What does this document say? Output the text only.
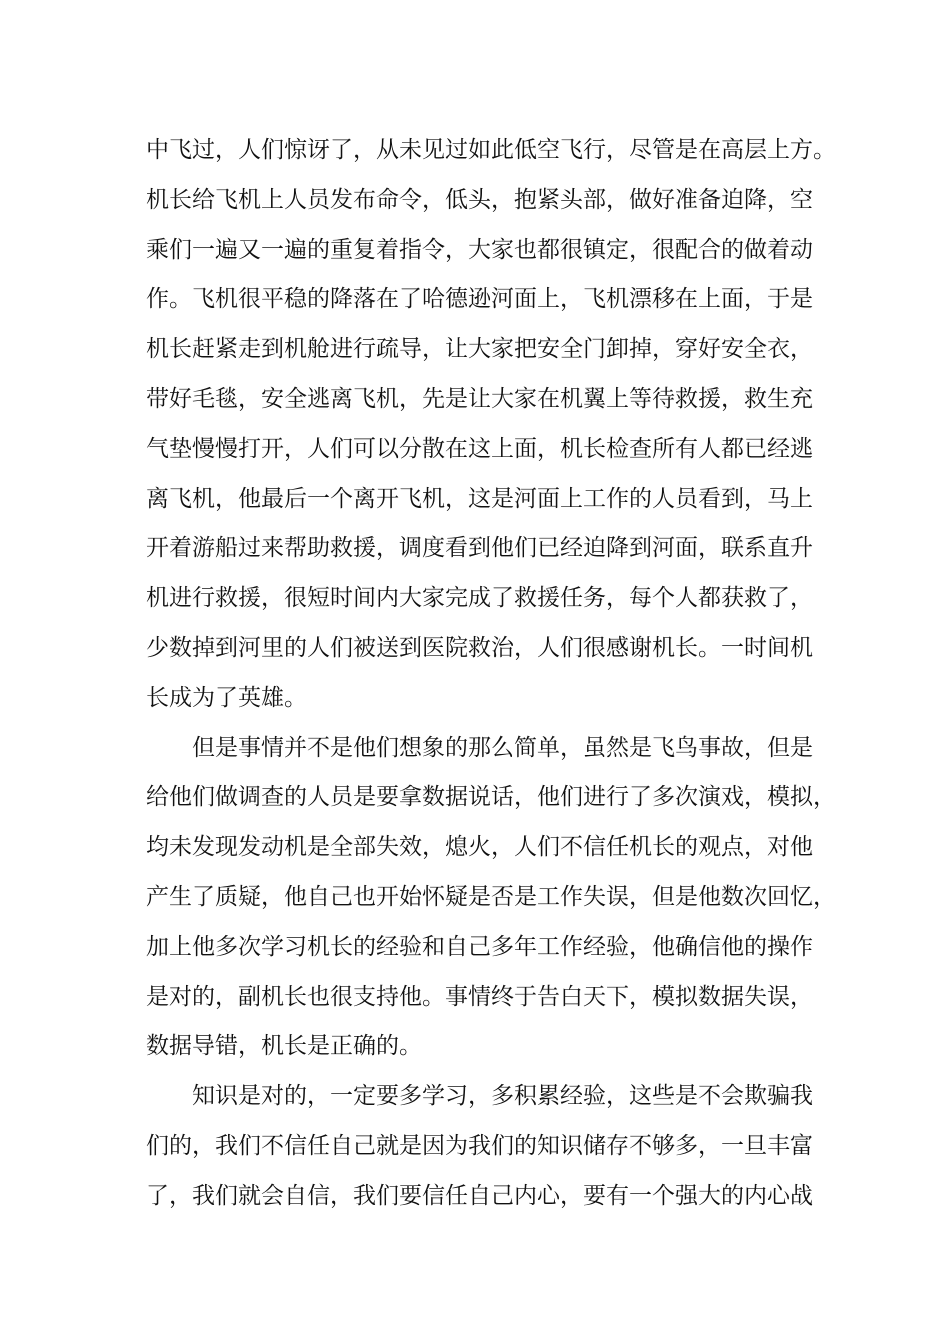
中飞过，人们惊讶了，从未见过如此低空飞行，尽管是在高层上方。
机长给飞机上人员发布命令，低头，抱紧头部，做好准备迫降，空
乘们一遍又一遍的重复着指令，大家也都很镇定，很配合的做着动
作。飞机很平稳的降落在了哈德逊河面上，飞机漂移在上面，于是
机长赶紧走到机舱进行疏导，让大家把安全门卸掉，穿好安全衣，
带好毛毯，安全逃离飞机，先是让大家在机翼上等待救援，救生充
气垫慢慢打开，人们可以分散在这上面，机长检查所有人都已经逃
离飞机，他最后一个离开飞机，这是河面上工作的人员看到，马上
开着游船过来帮助救援，调度看到他们已经迫降到河面，联系直升
机进行救援，很短时间内大家完成了救援任务，每个人都获救了，
少数掉到河里的人们被送到医院救治，人们很感谢机长。一时间机
长成为了英雄。
但是事情并不是他们想象的那么简单，虽然是飞鸟事故，但是
给他们做调查的人员是要拿数据说话，他们进行了多次演戏，模拟，
均未发现发动机是全部失效，熄火，人们不信任机长的观点，对他
产生了质疑，他自己也开始怀疑是否是工作失误，但是他数次回忆，
加上他多次学习机长的经验和自己多年工作经验，他确信他的操作
是对的，副机长也很支持他。事情终于告白天下，模拟数据失误，
数据导错，机长是正确的。
知识是对的，一定要多学习，多积累经验，这些是不会欺骗我
们的，我们不信任自己就是因为我们的知识储存不够多，一旦丰富
了，我们就会自信，我们要信任自己内心，要有一个强大的内心战
